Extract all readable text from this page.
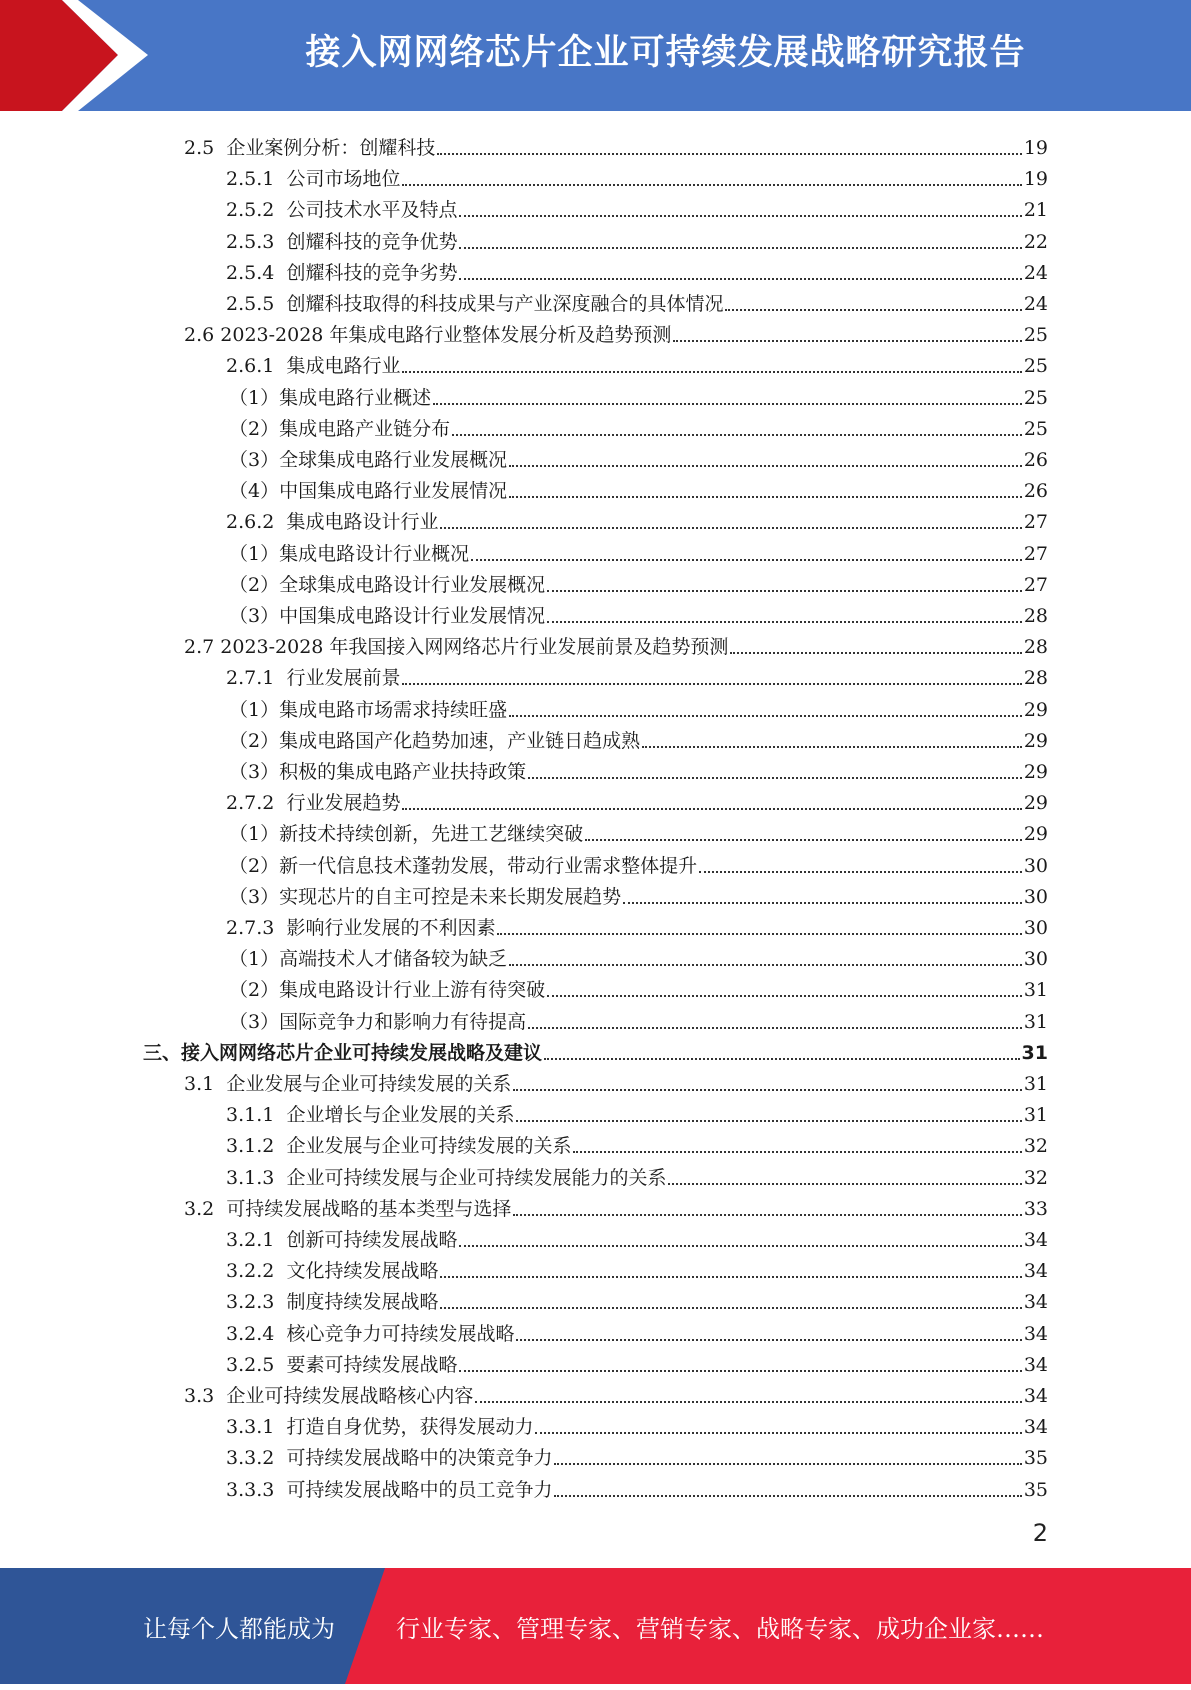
接入网网络芯片企业可持续发展战略研究报告
2.5 企业案例分析：创耀科技	19
2.5.1 公司市场地位	19
2.5.2 公司技术水平及特点	21
2.5.3 创耀科技的竞争优势	22
2.5.4 创耀科技的竞争劣势	24
2.5.5 创耀科技取得的科技成果与产业深度融合的具体情况	24
2.6 2023-2028 年集成电路行业整体发展分析及趋势预测	25
2.6.1 集成电路行业	25
（1）集成电路行业概述	25
（2）集成电路产业链分布	25
（3）全球集成电路行业发展概况	26
（4）中国集成电路行业发展情况	26
2.6.2 集成电路设计行业	27
（1）集成电路设计行业概况	27
（2）全球集成电路设计行业发展概况	27
（3）中国集成电路设计行业发展情况	28
2.7 2023-2028 年我国接入网网络芯片行业发展前景及趋势预测	28
2.7.1 行业发展前景	28
（1）集成电路市场需求持续旺盛	29
（2）集成电路国产化趋势加速，产业链日趋成熟	29
（3）积极的集成电路产业扶持政策	29
2.7.2 行业发展趋势	29
（1）新技术持续创新，先进工艺继续突破	29
（2）新一代信息技术蓬勃发展，带动行业需求整体提升	30
（3）实现芯片的自主可控是未来长期发展趋势	30
2.7.3 影响行业发展的不利因素	30
（1）高端技术人才储备较为缺乏	30
（2）集成电路设计行业上游有待突破	31
（3）国际竞争力和影响力有待提高	31
三、接入网网络芯片企业可持续发展战略及建议	31
3.1 企业发展与企业可持续发展的关系	31
3.1.1 企业增长与企业发展的关系	31
3.1.2 企业发展与企业可持续发展的关系	32
3.1.3 企业可持续发展与企业可持续发展能力的关系	32
3.2 可持续发展战略的基本类型与选择	33
3.2.1 创新可持续发展战略	34
3.2.2 文化持续发展战略	34
3.2.3 制度持续发展战略	34
3.2.4 核心竞争力可持续发展战略	34
3.2.5 要素可持续发展战略	34
3.3 企业可持续发展战略核心内容	34
3.3.1 打造自身优势，获得发展动力	34
3.3.2 可持续发展战略中的决策竞争力	35
3.3.3 可持续发展战略中的员工竞争力	35
2
让每个人都能成为	行业专家、管理专家、营销专家、战略专家、成功企业家……
